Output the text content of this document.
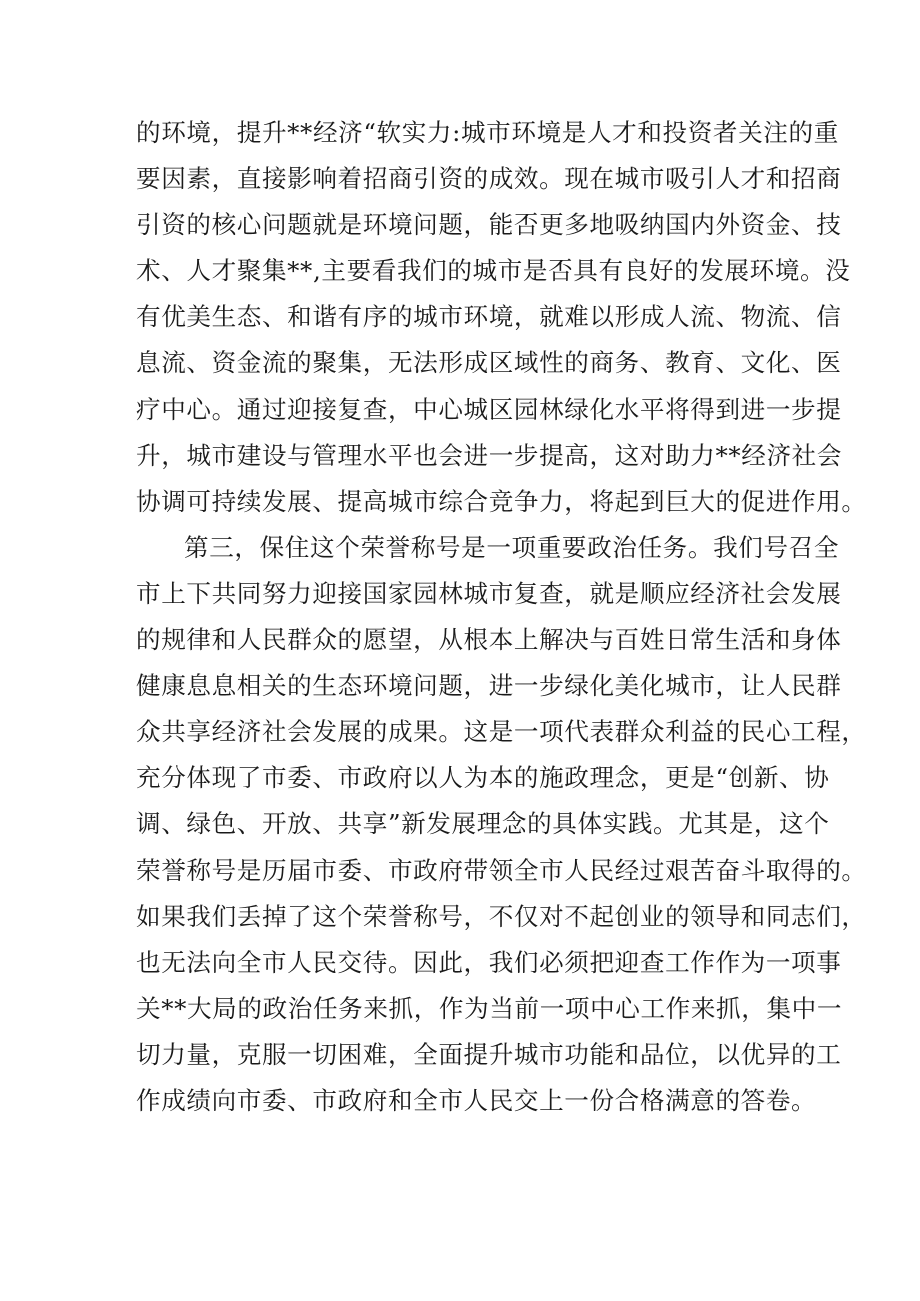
的环境，提升**经济“软实力:城市环境是人才和投资者关注的重
要因素，直接影响着招商引资的成效。现在城市吸引人才和招商
引资的核心问题就是环境问题，能否更多地吸纳国内外资金、技
术、人才聚集**,主要看我们的城市是否具有良好的发展环境。没
有优美生态、和谐有序的城市环境，就难以形成人流、物流、信
息流、资金流的聚集，无法形成区域性的商务、教育、文化、医
疗中心。通过迎接复查，中心城区园林绿化水平将得到进一步提
升，城市建设与管理水平也会进一步提高，这对助力**经济社会
协调可持续发展、提高城市综合竞争力，将起到巨大的促进作用。
第三，保住这个荣誉称号是一项重要政治任务。我们号召全
市上下共同努力迎接国家园林城市复查，就是顺应经济社会发展
的规律和人民群众的愿望，从根本上解决与百姓日常生活和身体
健康息息相关的生态环境问题，进一步绿化美化城市，让人民群
众共享经济社会发展的成果。这是一项代表群众利益的民心工程，
充分体现了市委、市政府以人为本的施政理念，更是“创新、协
调、绿色、开放、共享”新发展理念的具体实践。尤其是，这个
荣誉称号是历届市委、市政府带领全市人民经过艰苦奋斗取得的。
如果我们丢掉了这个荣誉称号，不仅对不起创业的领导和同志们，
也无法向全市人民交待。因此，我们必须把迎查工作作为一项事
关**大局的政治任务来抓，作为当前一项中心工作来抓，集中一
切力量，克服一切困难，全面提升城市功能和品位，以优异的工
作成绩向市委、市政府和全市人民交上一份合格满意的答卷。
